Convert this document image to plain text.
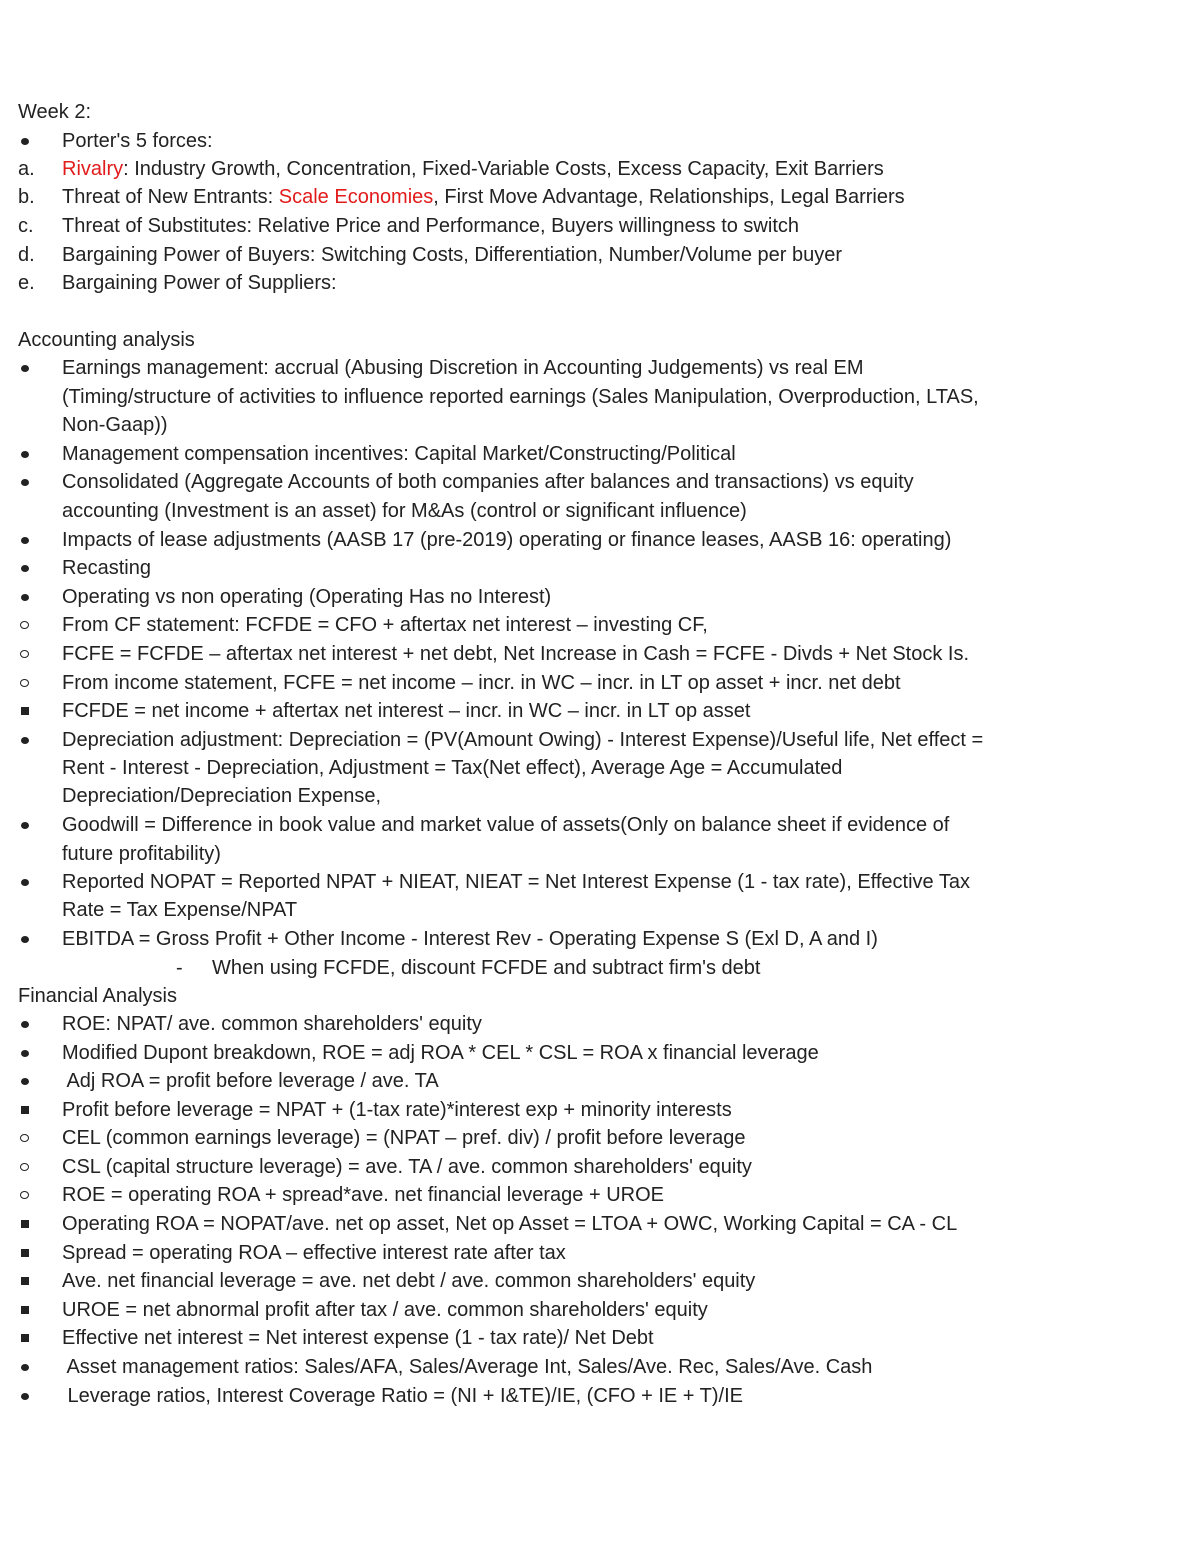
Week 2:
Porter's 5 forces:
a.	Rivalry: Industry Growth, Concentration, Fixed-Variable Costs, Excess Capacity, Exit Barriers
b.	Threat of New Entrants: Scale Economies, First Move Advantage, Relationships, Legal Barriers
c.	Threat of Substitutes: Relative Price and Performance, Buyers willingness to switch
d.	Bargaining Power of Buyers: Switching Costs, Differentiation, Number/Volume per buyer
e.	Bargaining Power of Suppliers:
Accounting analysis
Earnings management: accrual (Abusing Discretion in Accounting Judgements) vs real EM
(Timing/structure of activities to influence reported earnings (Sales Manipulation, Overproduction, LTAS,
Non-Gaap))
Management compensation incentives: Capital Market/Constructing/Political
Consolidated (Aggregate Accounts of both companies after balances and transactions) vs equity
accounting (Investment is an asset) for M&As (control or significant influence)
Impacts of lease adjustments (AASB 17 (pre-2019) operating or finance leases, AASB 16: operating)
Recasting
Operating vs non operating (Operating Has no Interest)
From CF statement: FCFDE = CFO + aftertax net interest – investing CF,
FCFE = FCFDE – aftertax net interest + net debt, Net Increase in Cash = FCFE - Divds + Net Stock Is.
From income statement, FCFE = net income – incr. in WC – incr. in LT op asset + incr. net debt
FCFDE = net income + aftertax net interest – incr. in WC – incr. in LT op asset
Depreciation adjustment: Depreciation = (PV(Amount Owing) - Interest Expense)/Useful life, Net effect =
Rent - Interest - Depreciation, Adjustment = Tax(Net effect), Average Age = Accumulated
Depreciation/Depreciation Expense,
Goodwill = Difference in book value and market value of assets(Only on balance sheet if evidence of
future profitability)
Reported NOPAT = Reported NPAT + NIEAT, NIEAT = Net Interest Expense (1 - tax rate), Effective Tax
Rate = Tax Expense/NPAT
EBITDA = Gross Profit + Other Income - Interest Rev - Operating Expense S (Exl D, A and I)
- When using FCFDE, discount FCFDE and subtract firm's debt
Financial Analysis
ROE: NPAT/ ave. common shareholders' equity
Modified Dupont breakdown, ROE = adj ROA * CEL * CSL = ROA x financial leverage
Adj ROA = profit before leverage / ave. TA
Profit before leverage = NPAT + (1-tax rate)*interest exp + minority interests
CEL (common earnings leverage) = (NPAT – pref. div) / profit before leverage
CSL (capital structure leverage) = ave. TA / ave. common shareholders' equity
ROE = operating ROA + spread*ave. net financial leverage + UROE
Operating ROA = NOPAT/ave. net op asset, Net op Asset = LTOA + OWC, Working Capital = CA - CL
Spread = operating ROA – effective interest rate after tax
Ave. net financial leverage = ave. net debt / ave. common shareholders' equity
UROE = net abnormal profit after tax / ave. common shareholders' equity
Effective net interest = Net interest expense (1 - tax rate)/ Net Debt
Asset management ratios: Sales/AFA, Sales/Average Int, Sales/Ave. Rec, Sales/Ave. Cash
Leverage ratios, Interest Coverage Ratio = (NI + I&TE)/IE, (CFO + IE + T)/IE
